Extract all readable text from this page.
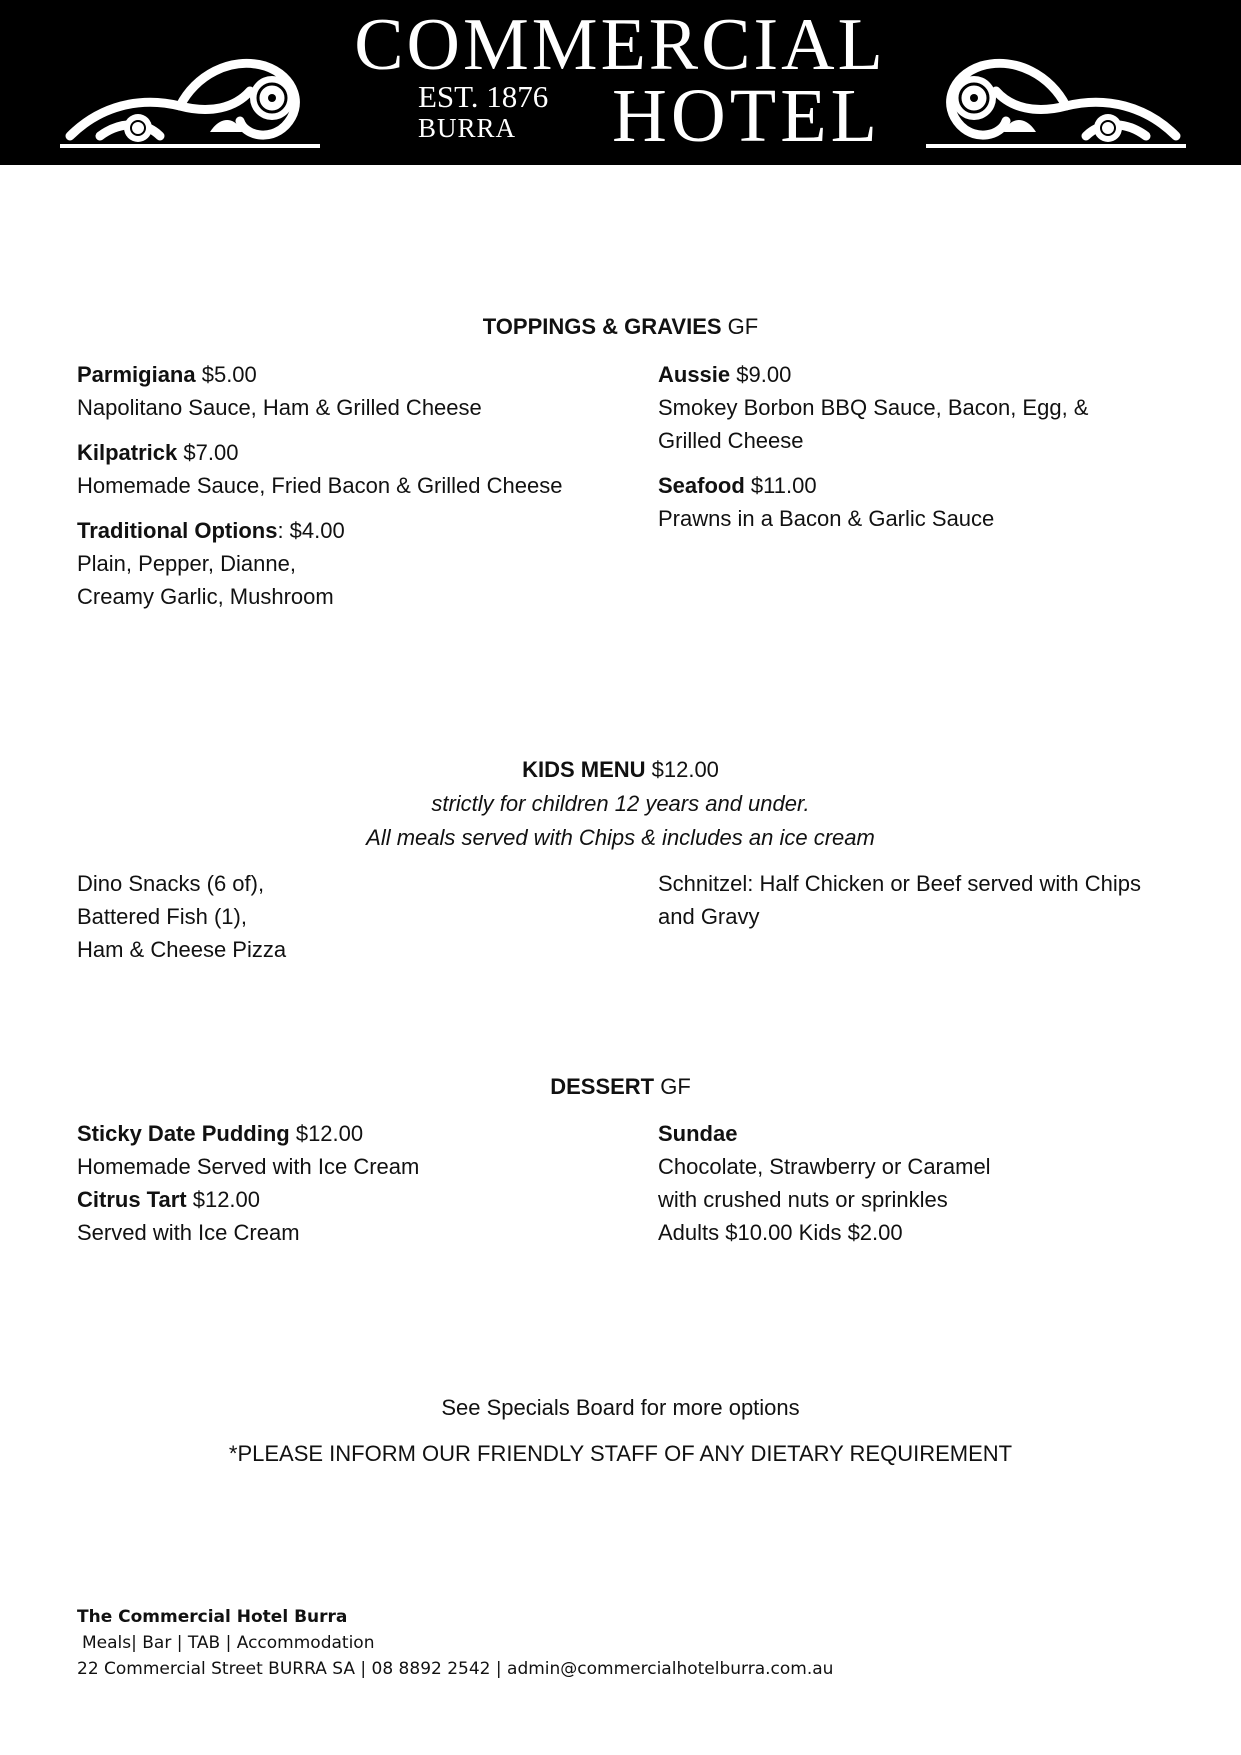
COMMERCIAL
EST. 1876
BURRA	HOTEL
TOPPINGS & GRAVIES GF

Parmigiana $5.00

Napolitano Sauce, Ham & Grilled Cheese

Kilpatrick $7.00

Homemade Sauce, Fried Bacon & Grilled Cheese

Traditional Options: $4.00

Plain, Pepper, Dianne,

Creamy Garlic, Mushroom

Aussie $9.00

Smokey Borbon BBQ Sauce, Bacon, Egg, & Grilled Cheese

Seafood $11.00

Prawns in a Bacon & Garlic Sauce

KIDS MENU $12.00
strictly for children 12 years and under.
All meals served with Chips & includes an ice cream

Dino Snacks (6 of),

Battered Fish (1),

Ham & Cheese Pizza

Schnitzel: Half Chicken or Beef served with Chips and Gravy

DESSERT GF

Sticky Date Pudding $12.00

Homemade Served with Ice Cream

Citrus Tart $12.00

Served with Ice Cream

Sundae

Chocolate, Strawberry or Caramel

with crushed nuts or sprinkles

Adults $10.00 Kids $2.00

See Specials Board for more options
*PLEASE INFORM OUR FRIENDLY STAFF OF ANY DIETARY REQUIREMENT
The Commercial Hotel Burra
Meals| Bar | TAB | Accommodation
22 Commercial Street BURRA SA | 08 8892 2542 | admin@commercialhotelburra.com.au
